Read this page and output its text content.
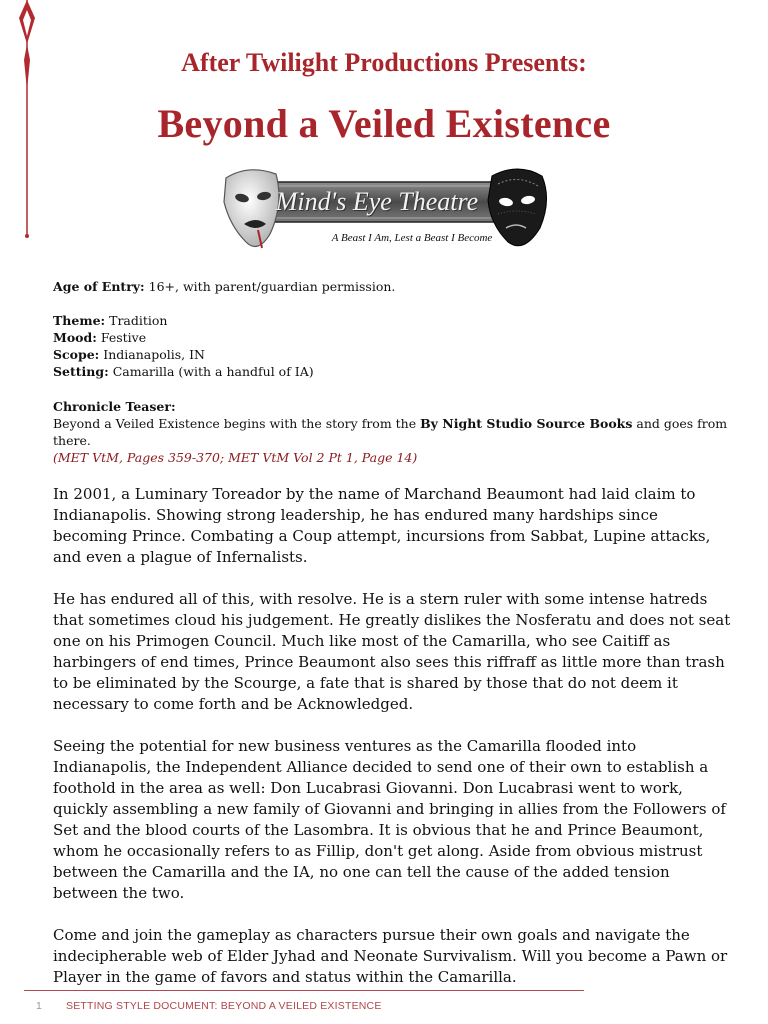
After Twilight Productions Presents:
Beyond a Veiled Existence
Mind's Eye Theatre
A Beast I Am, Lest a Beast I Become
Age of Entry: 16+, with parent/guardian permission.
Theme: Tradition
Mood: Festive
Scope: Indianapolis, IN
Setting: Camarilla (with a handful of IA)
Chronicle Teaser:
Beyond a Veiled Existence begins with the story from the By Night Studio Source Books and goes from there.
(MET VtM, Pages 359-370; MET VtM Vol 2 Pt 1, Page 14)

In 2001, a Luminary Toreador by the name of Marchand Beaumont had laid claim to Indianapolis. Showing strong leadership, he has endured many hardships since becoming Prince. Combating a Coup attempt, incursions from Sabbat, Lupine attacks, and even a plague of Infernalists.

He has endured all of this, with resolve. He is a stern ruler with some intense hatreds that sometimes cloud his judgement. He greatly dislikes the Nosferatu and does not seat one on his Primogen Council. Much like most of the Camarilla, who see Caitiff as harbingers of end times, Prince Beaumont also sees this riffraff as little more than trash to be eliminated by the Scourge, a fate that is shared by those that do not deem it necessary to come forth and be Acknowledged.

Seeing the potential for new business ventures as the Camarilla flooded into Indianapolis, the Independent Alliance decided to send one of their own to establish a foothold in the area as well: Don Lucabrasi Giovanni. Don Lucabrasi went to work, quickly assembling a new family of Giovanni and bringing in allies from the Followers of Set and the blood courts of the Lasombra. It is obvious that he and Prince Beaumont, whom he occasionally refers to as Fillip, don't get along. Aside from obvious mistrust between the Camarilla and the IA, no one can tell the cause of the added tension between the two.

Come and join the gameplay as characters pursue their own goals and navigate the indecipherable web of Elder Jyhad and Neonate Survivalism. Will you become a Pawn or Player in the game of favors and status within the Camarilla.

1 SETTING STYLE DOCUMENT: BEYOND A VEILED EXISTENCE
